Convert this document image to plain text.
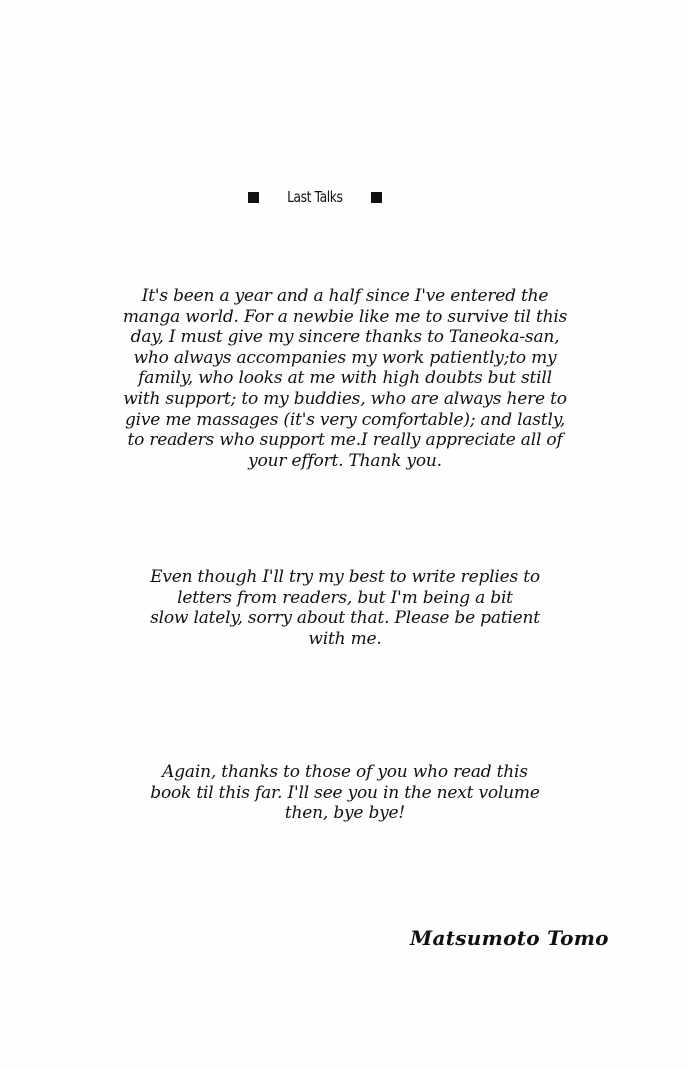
Last Talks
It's been a year and a half since I've entered the
manga world. For a newbie like me to survive til this
day, I must give my sincere thanks to Taneoka-san,
who always accompanies my work patiently;to my
family, who looks at me with high doubts but still
with support; to my buddies, who are always here to
give me massages (it's very comfortable); and lastly,
to readers who support me.I really appreciate all of
your effort. Thank you.
Even though I'll try my best to write replies to
letters from readers, but I'm being a bit
slow lately, sorry about that. Please be patient
with me.
Again, thanks to those of you who read this
book til this far. I'll see you in the next volume
then, bye bye!
Matsumoto Tomo
